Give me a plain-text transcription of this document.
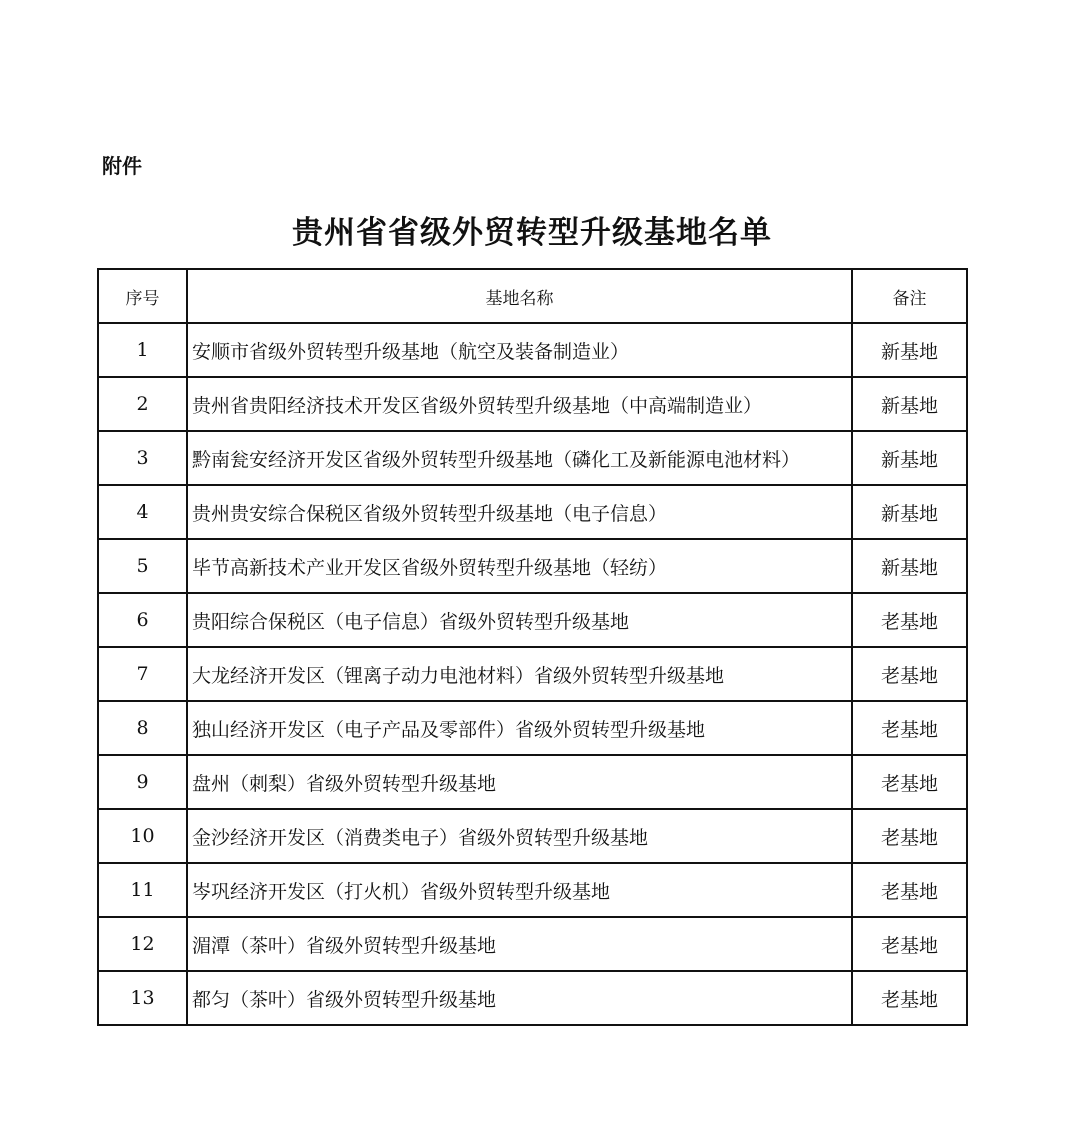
附件
贵州省省级外贸转型升级基地名单
序号	基地名称	备注
1	安顺市省级外贸转型升级基地（航空及装备制造业）	新基地
2	贵州省贵阳经济技术开发区省级外贸转型升级基地（中高端制造业）	新基地
3	黔南瓮安经济开发区省级外贸转型升级基地（磷化工及新能源电池材料）	新基地
4	贵州贵安综合保税区省级外贸转型升级基地（电子信息）	新基地
5	毕节高新技术产业开发区省级外贸转型升级基地（轻纺）	新基地
6	贵阳综合保税区（电子信息）省级外贸转型升级基地	老基地
7	大龙经济开发区（锂离子动力电池材料）省级外贸转型升级基地	老基地
8	独山经济开发区（电子产品及零部件）省级外贸转型升级基地	老基地
9	盘州（刺梨）省级外贸转型升级基地	老基地
10	金沙经济开发区（消费类电子）省级外贸转型升级基地	老基地
11	岑巩经济开发区（打火机）省级外贸转型升级基地	老基地
12	湄潭（茶叶）省级外贸转型升级基地	老基地
13	都匀（茶叶）省级外贸转型升级基地	老基地
